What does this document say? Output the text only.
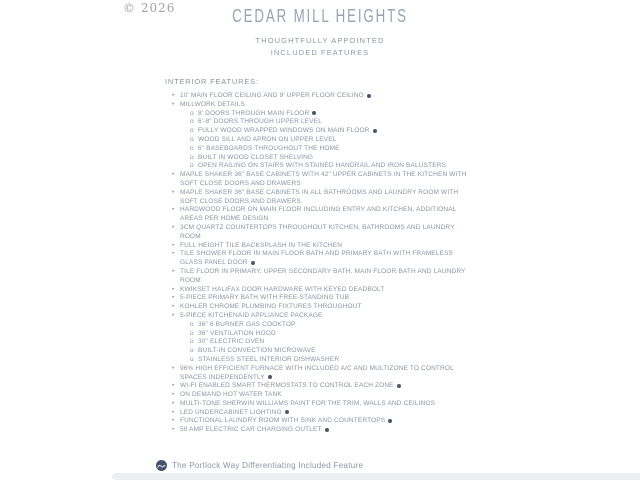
© 2026	CEDAR MILL HEIGHTS
THOUGHTFULLY APPOINTED
INCLUDED FEATURES
INTERIOR FEATURES:
• 10' MAIN FLOOR CEILING AND 9' UPPER FLOOR CEILING
• MILLWORK DETAILS
o 8' DOORS THROUGH MAIN FLOOR
o 6'-8" DOORS THROUGH UPPER LEVEL
o FULLY WOOD WRAPPED WINDOWS ON MAIN FLOOR
o WOOD SILL AND APRON ON UPPER LEVEL
o 6" BASEBOARDS THROUGHOUT THE HOME
o BUILT IN WOOD CLOSET SHELVING
o OPEN RAILING ON STAIRS WITH STAINED HANDRAIL AND IRON BALUSTERS
• MAPLE SHAKER 36" BASE CABINETS WITH 42" UPPER CABINETS IN THE KITCHEN WITH SOFT CLOSE DOORS AND DRAWERS
• MAPLE SHAKER 36" BASE CABINETS IN ALL BATHROOMS AND LAUNDRY ROOM WITH SOFT CLOSE DOORS AND DRAWERS
• HARDWOOD FLOOR ON MAIN FLOOR INCLUDING ENTRY AND KITCHEN, ADDITIONAL AREAS PER HOME DESIGN
• 3CM QUARTZ COUNTERTOPS THROUGHOUT KITCHEN, BATHROOMS AND LAUNDRY ROOM
• FULL HEIGHT TILE BACKSPLASH IN THE KITCHEN
• TILE SHOWER FLOOR IN MAIN FLOOR BATH AND PRIMARY BATH WITH FRAMELESS GLASS PANEL DOOR
• TILE FLOOR IN PRIMARY, UPPER SECONDARY BATH, MAIN FLOOR BATH AND LAUNDRY ROOM
• KWIKSET HALIFAX DOOR HARDWARE WITH KEYED DEADBOLT
• 5-PIECE PRIMARY BATH WITH FREE-STANDING TUB
• KOHLER CHROME PLUMBING FIXTURES THROUGHOUT
• 5-PIECE KITCHENAID APPLIANCE PACKAGE
o 36" 6 BURNER GAS COOKTOP
o 36" VENTILATION HOOD
o 30" ELECTRIC OVEN
o BUILT-IN CONVECTION MICROWAVE
o STAINLESS STEEL INTERIOR DISHWASHER
• 96% HIGH EFFICIENT FURNACE WITH INCLUDED A/C AND MULTIZONE TO CONTROL SPACES INDEPENDENTLY
• WI-FI ENABLED SMART THERMOSTATS TO CONTROL EACH ZONE
• ON DEMAND HOT WATER TANK
• MULTI-TONE SHERWIN WILLIAMS PAINT FOR THE TRIM, WALLS AND CEILINGS
• LED UNDERCABINET LIGHTING
• FUNCTIONAL LAUNDRY ROOM WITH SINK AND COUNTERTOPS
• 50 AMP ELECTRIC CAR CHARGING OUTLET
The Portlock Way Differentiating Included Feature
